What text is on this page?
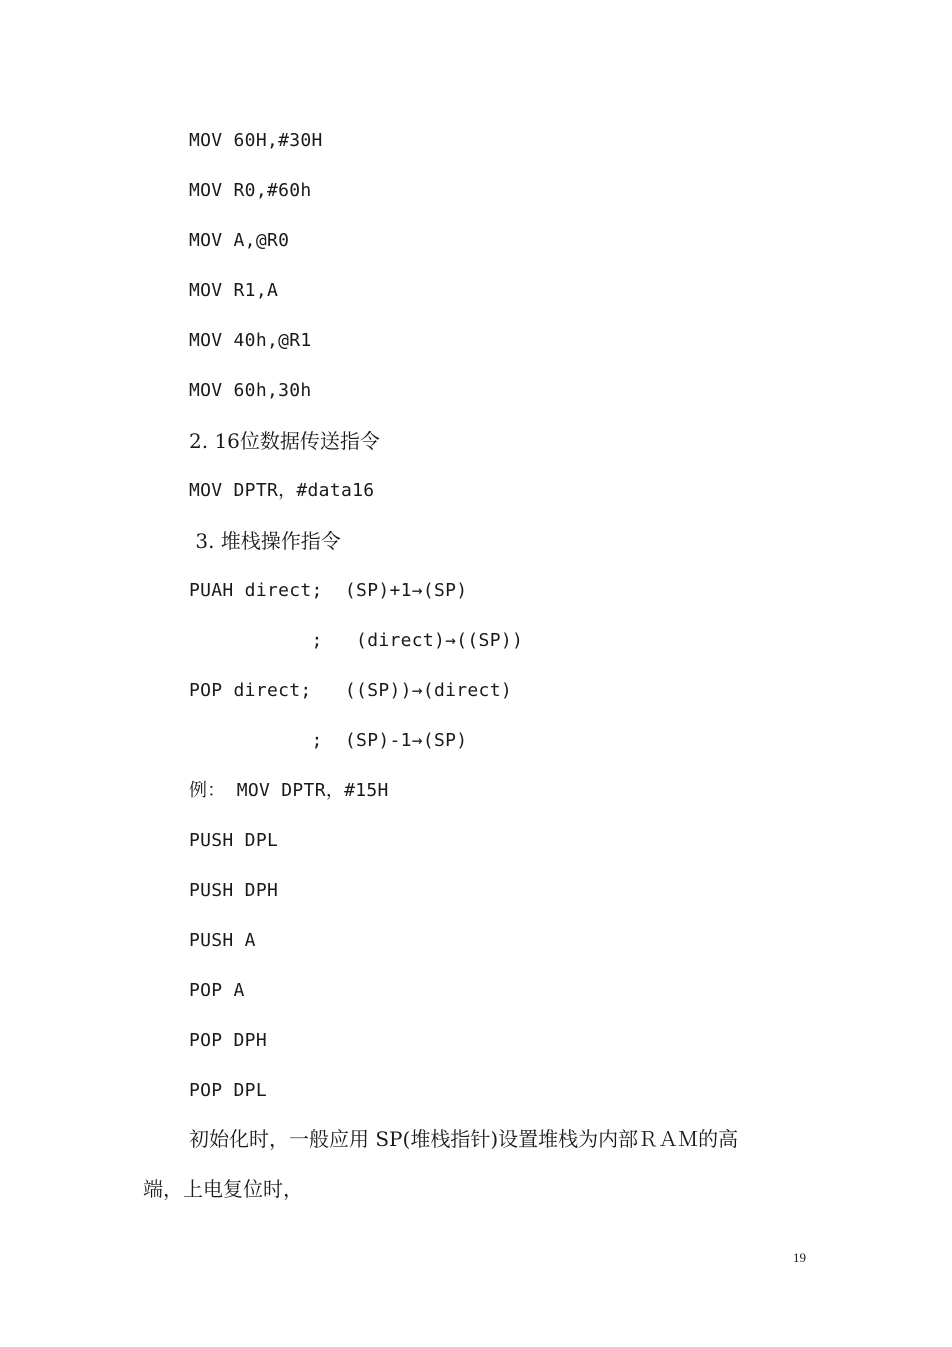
MOV 60H,#30H
MOV R0,#60h
MOV A,@R0
MOV R1,A
MOV 40h,@R1
MOV 60h,30h
2. 16位数据传送指令
MOV DPTR，#data16
3. 堆栈操作指令
PUAH direct;  (SP)+1→(SP)
;   (direct)→((SP))
POP direct;   ((SP))→(direct)
;  (SP)-1→(SP)
例： MOV DPTR，#15H
PUSH DPL
PUSH DPH
PUSH A
POP A
POP DPH
POP DPL
初始化时，一般应用 SP(堆栈指针)设置堆栈为内部ＲＡＭ的高
端，上电复位时，
19
